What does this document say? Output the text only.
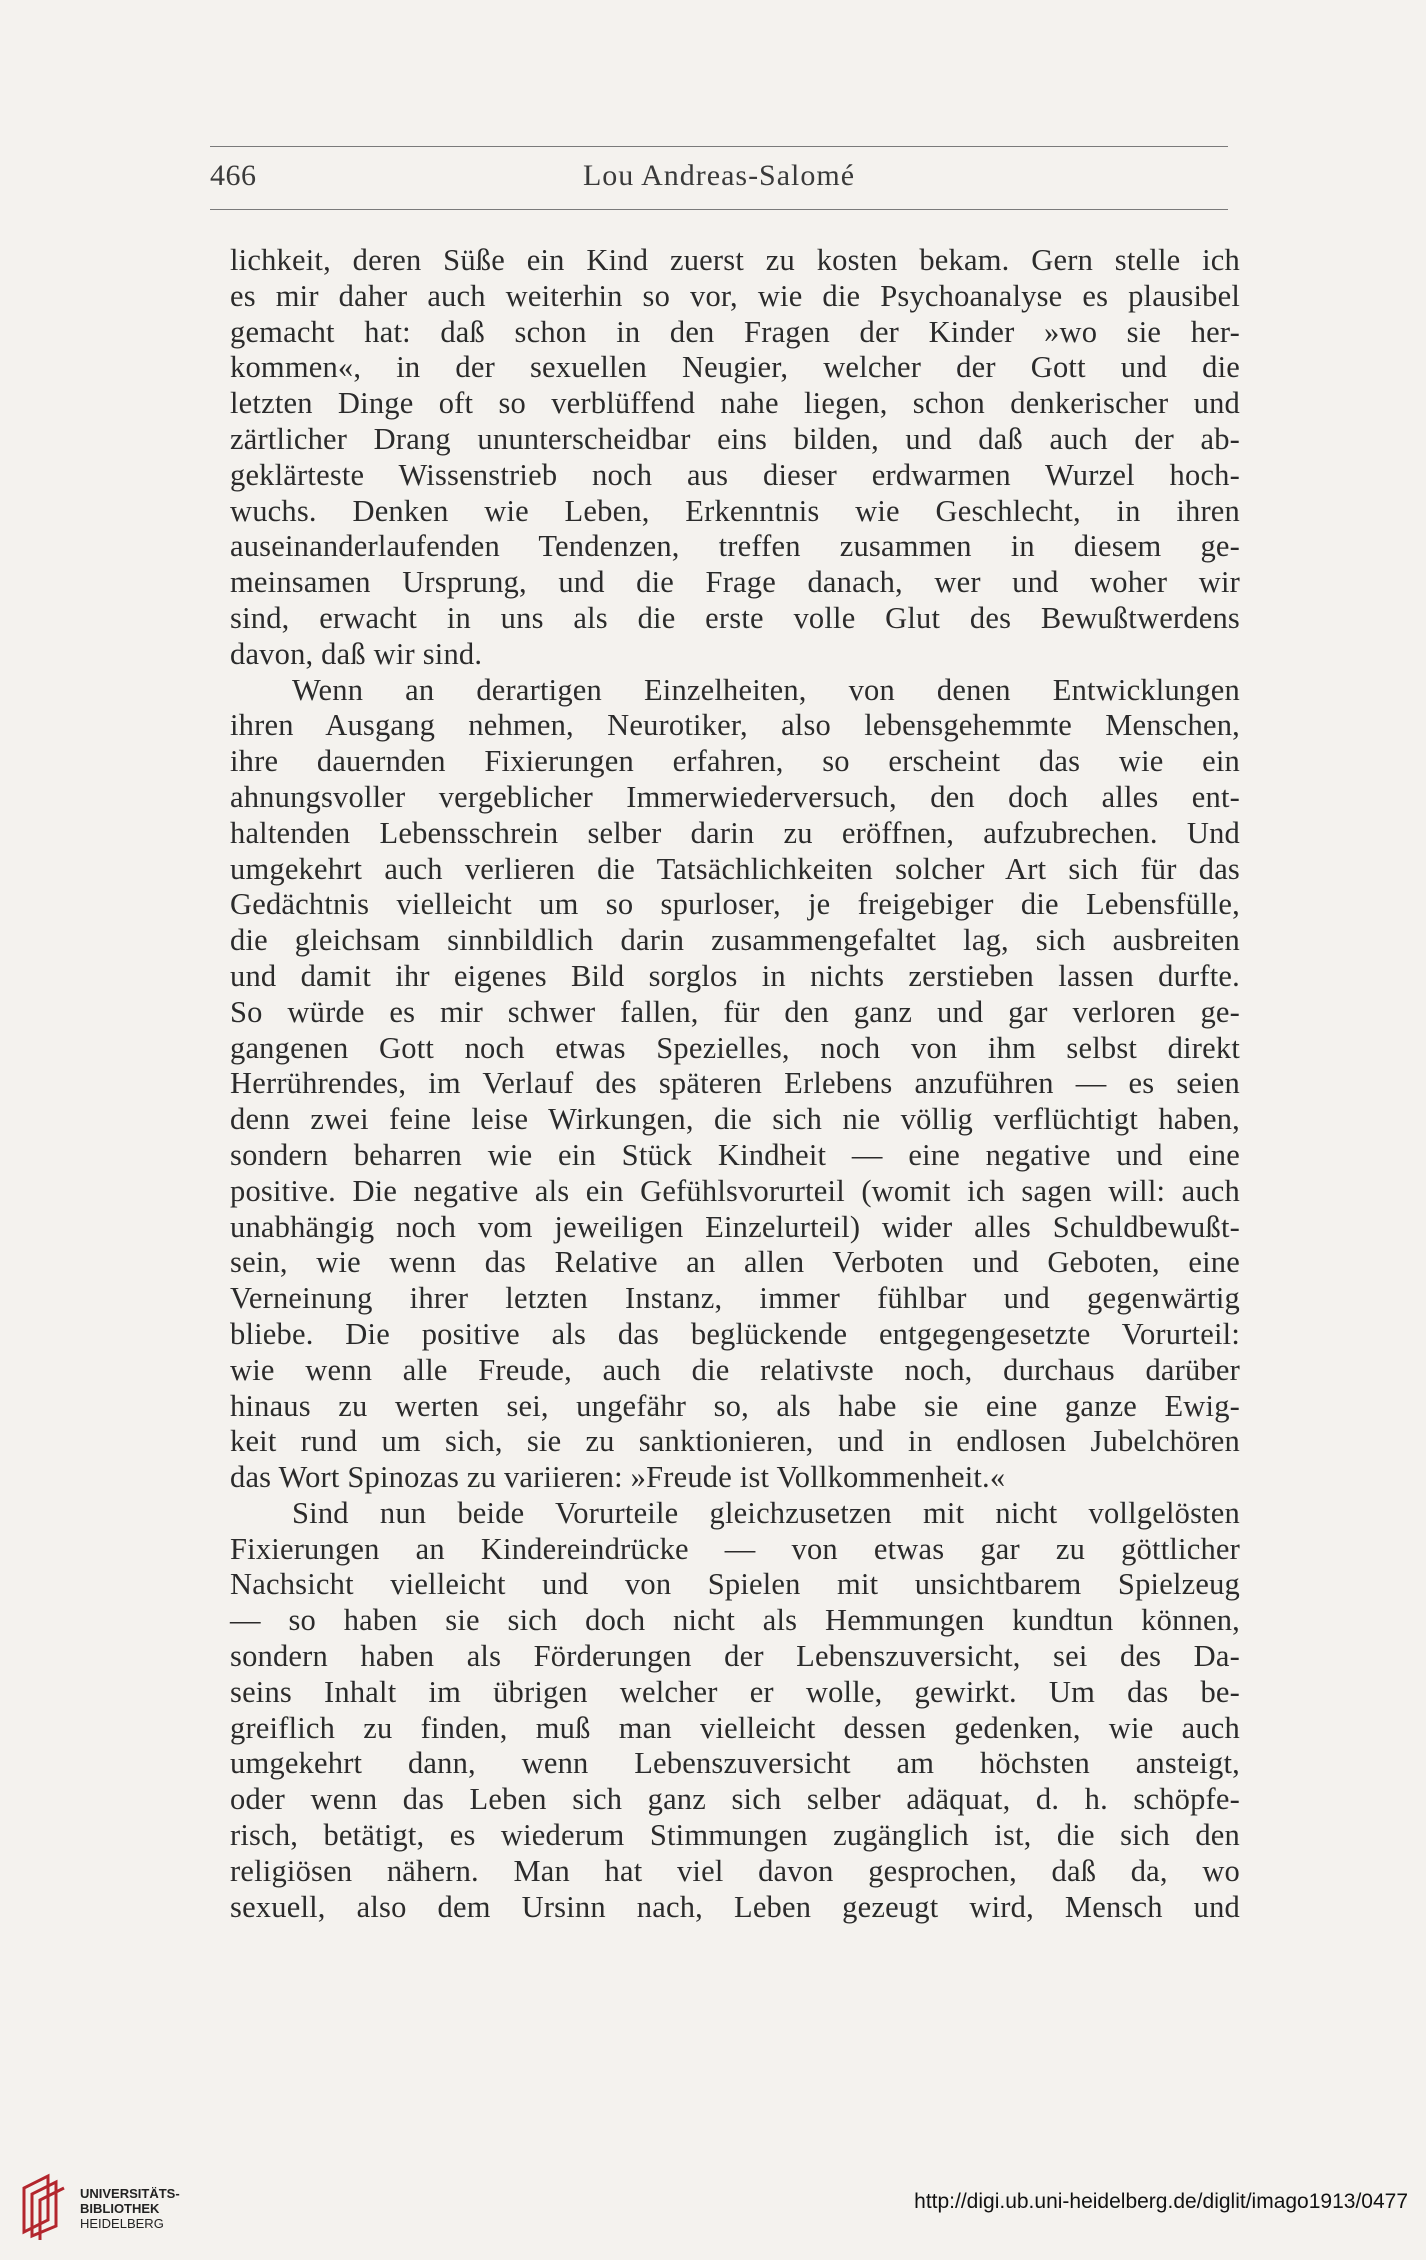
466	Lou Andreas-Salomé
lichkeit, deren Süße ein Kind zuerst zu kosten bekam. Gern stelle ich
es mir daher auch weiterhin so vor, wie die Psychoanalyse es plausibel
gemacht hat: daß schon in den Fragen der Kinder »wo sie her-
kommen«, in der sexuellen Neugier, welcher der Gott und die
letzten Dinge oft so verblüffend nahe liegen, schon denkerischer und
zärtlicher Drang ununterscheidbar eins bilden, und daß auch der ab-
geklärteste Wissenstrieb noch aus dieser erdwarmen Wurzel hoch-
wuchs. Denken wie Leben, Erkenntnis wie Geschlecht, in ihren
auseinanderlaufenden Tendenzen, treffen zusammen in diesem ge-
meinsamen Ursprung, und die Frage danach, wer und woher wir
sind, erwacht in uns als die erste volle Glut des Bewußtwerdens
davon, daß wir sind.
Wenn an derartigen Einzelheiten, von denen Entwicklungen
ihren Ausgang nehmen, Neurotiker, also lebensgehemmte Menschen,
ihre dauernden Fixierungen erfahren, so erscheint das wie ein
ahnungsvoller vergeblicher Immerwiederversuch, den doch alles ent-
haltenden Lebensschrein selber darin zu eröffnen, aufzubrechen. Und
umgekehrt auch verlieren die Tatsächlichkeiten solcher Art sich für das
Gedächtnis vielleicht um so spurloser, je freigebiger die Lebensfülle,
die gleichsam sinnbildlich darin zusammengefaltet lag, sich ausbreiten
und damit ihr eigenes Bild sorglos in nichts zerstieben lassen durfte.
So würde es mir schwer fallen, für den ganz und gar verloren ge-
gangenen Gott noch etwas Spezielles, noch von ihm selbst direkt
Herrührendes, im Verlauf des späteren Erlebens anzuführen — es seien
denn zwei feine leise Wirkungen, die sich nie völlig verflüchtigt haben,
sondern beharren wie ein Stück Kindheit — eine negative und eine
positive. Die negative als ein Gefühlsvorurteil (womit ich sagen will: auch
unabhängig noch vom jeweiligen Einzelurteil) wider alles Schuldbewußt-
sein, wie wenn das Relative an allen Verboten und Geboten, eine
Verneinung ihrer letzten Instanz, immer fühlbar und gegenwärtig
bliebe. Die positive als das beglückende entgegengesetzte Vorurteil:
wie wenn alle Freude, auch die relativste noch, durchaus darüber
hinaus zu werten sei, ungefähr so, als habe sie eine ganze Ewig-
keit rund um sich, sie zu sanktionieren, und in endlosen Jubelchören
das Wort Spinozas zu variieren: »Freude ist Vollkommenheit.«
Sind nun beide Vorurteile gleichzusetzen mit nicht vollgelösten
Fixierungen an Kindereindrücke — von etwas gar zu göttlicher
Nachsicht vielleicht und von Spielen mit unsichtbarem Spielzeug
— so haben sie sich doch nicht als Hemmungen kundtun können,
sondern haben als Förderungen der Lebenszuversicht, sei des Da-
seins Inhalt im übrigen welcher er wolle, gewirkt. Um das be-
greiflich zu finden, muß man vielleicht dessen gedenken, wie auch
umgekehrt dann, wenn Lebenszuversicht am höchsten ansteigt,
oder wenn das Leben sich ganz sich selber adäquat, d. h. schöpfe-
risch, betätigt, es wiederum Stimmungen zugänglich ist, die sich den
religiösen nähern. Man hat viel davon gesprochen, daß da, wo
sexuell, also dem Ursinn nach, Leben gezeugt wird, Mensch und
UNIVERSITÄTS-
BIBLIOTHEK
HEIDELBERG
http://digi.ub.uni-heidelberg.de/diglit/imago1913/0477
